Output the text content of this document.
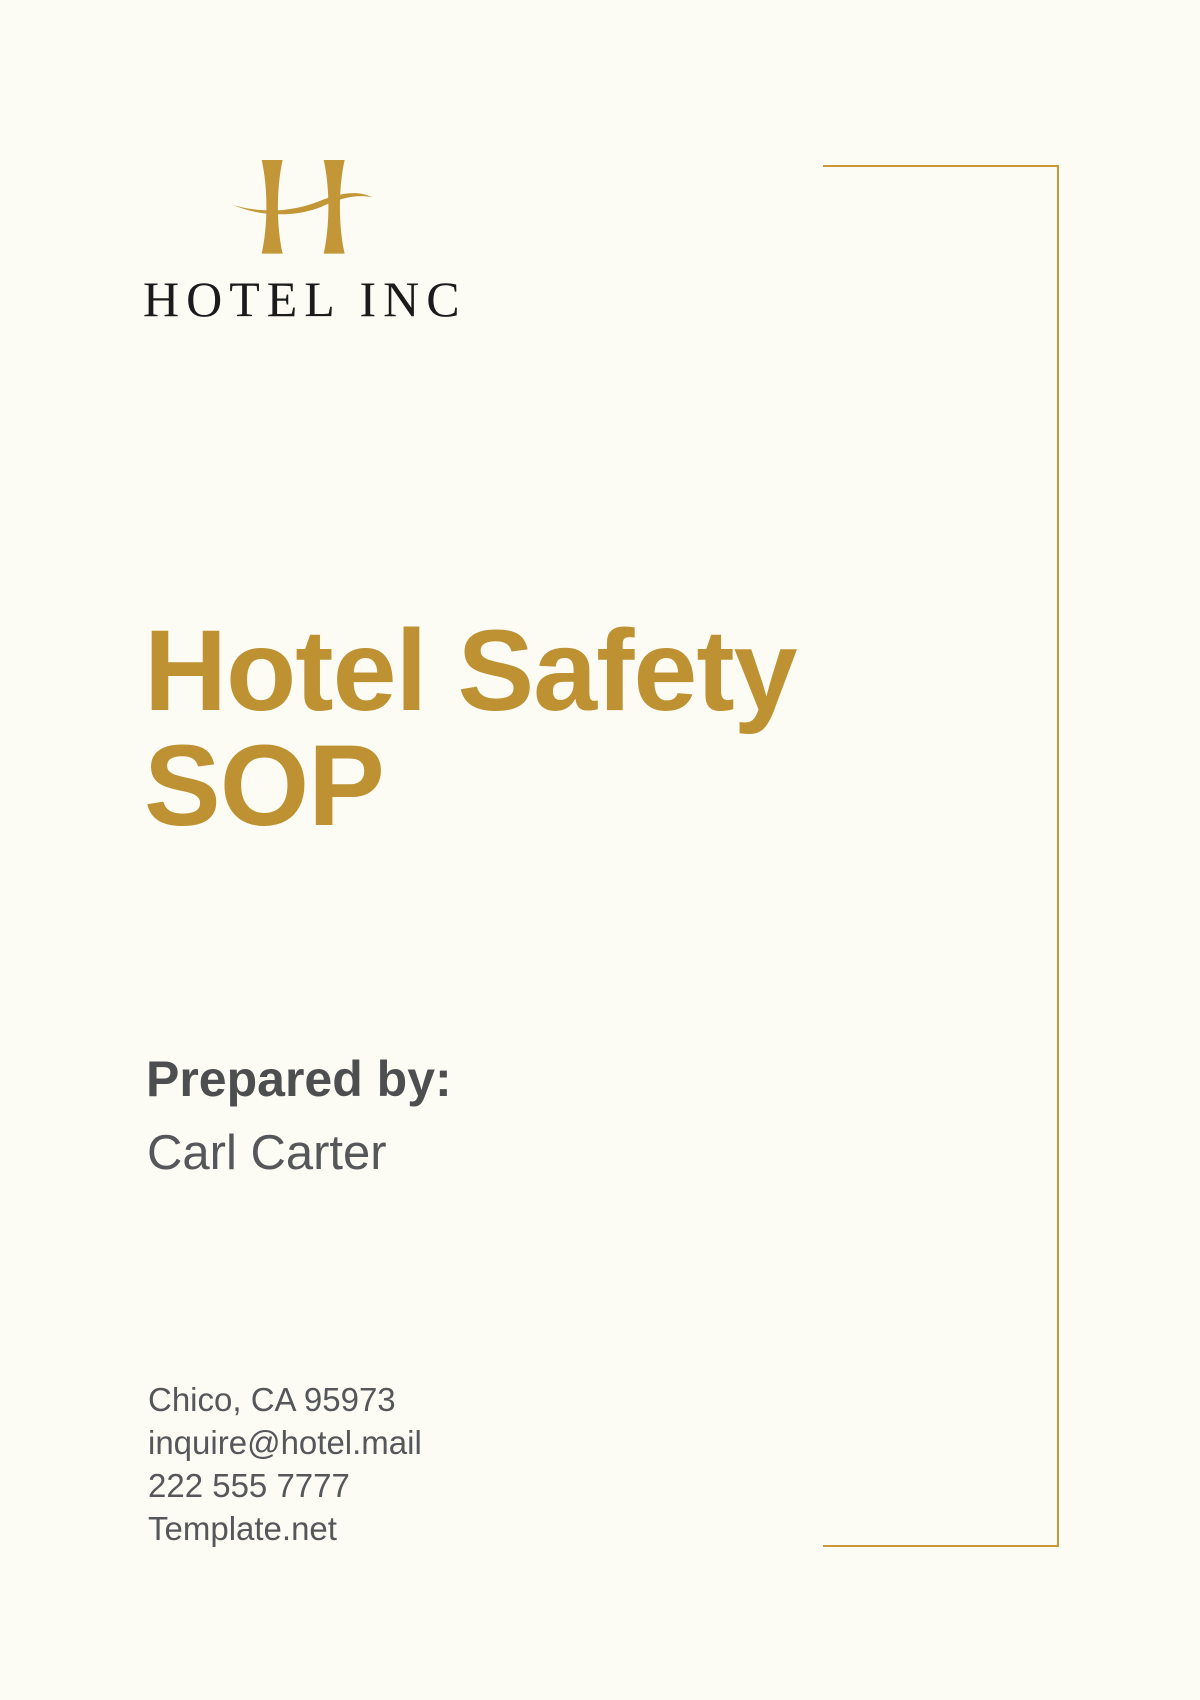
HOTEL INC
Hotel Safety
SOP
Prepared by:
Carl Carter
Chico, CA 95973
inquire@hotel.mail
222 555 7777
Template.net
